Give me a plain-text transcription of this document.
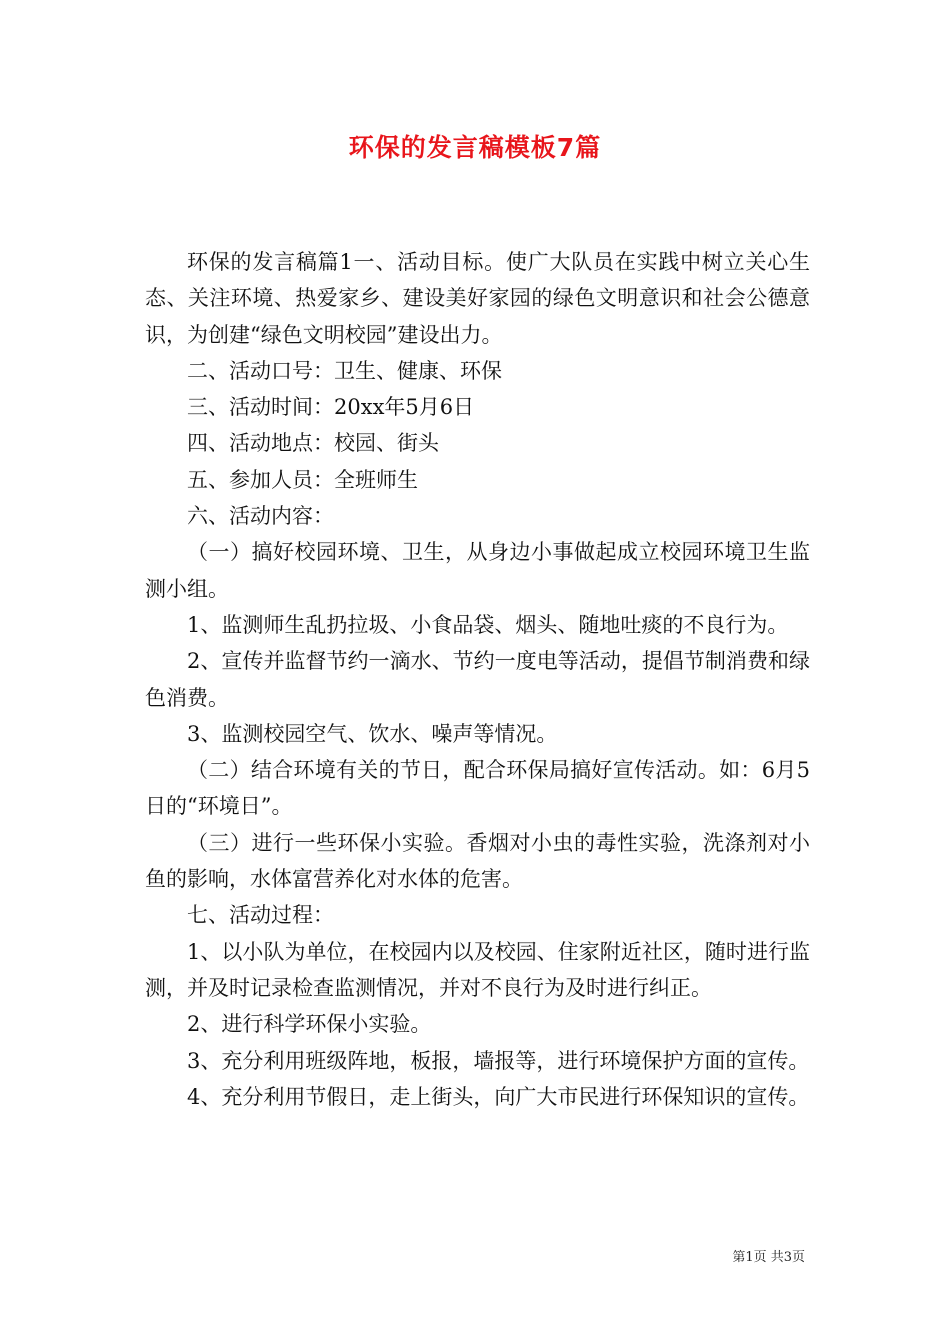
环保的发言稿模板7篇

环保的发言稿篇1一、活动目标。使广大队员在实践中树立关心生态、关注环境、热爱家乡、建设美好家园的绿色文明意识和社会公德意识，为创建“绿色文明校园”建设出力。

二、活动口号：卫生、健康、环保

三、活动时间：20xx年5月6日

四、活动地点：校园、街头

五、参加人员：全班师生

六、活动内容：

（一）搞好校园环境、卫生，从身边小事做起成立校园环境卫生监测小组。

1、监测师生乱扔拉圾、小食品袋、烟头、随地吐痰的不良行为。

2、宣传并监督节约一滴水、节约一度电等活动，提倡节制消费和绿色消费。

3、监测校园空气、饮水、噪声等情况。

（二）结合环境有关的节日，配合环保局搞好宣传活动。如：6月5日的“环境日”。

（三）进行一些环保小实验。香烟对小虫的毒性实验，洗涤剂对小鱼的影响，水体富营养化对水体的危害。

七、活动过程：

1、以小队为单位，在校园内以及校园、住家附近社区，随时进行监测，并及时记录检查监测情况，并对不良行为及时进行纠正。

2、进行科学环保小实验。

3、充分利用班级阵地，板报，墙报等，进行环境保护方面的宣传。

4、充分利用节假日，走上街头，向广大市民进行环保知识的宣传。

第1页 共3页
